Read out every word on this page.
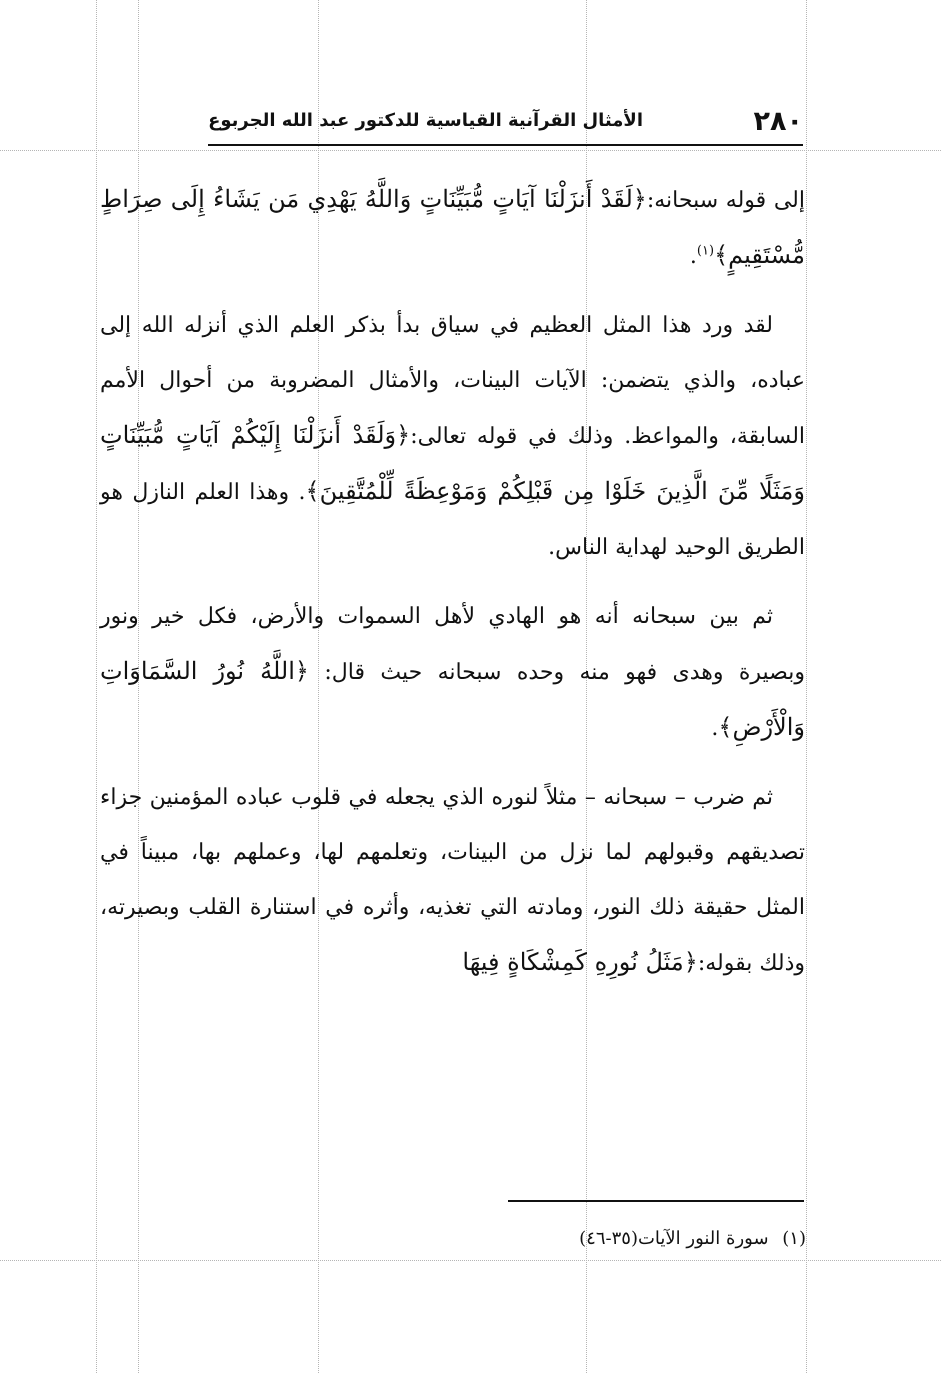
٢٨٠
الأمثال القرآنية القياسية للدكتور عبد الله الجربوع

إلى قوله سبحانه:﴿لَقَدْ أَنزَلْنَا آيَاتٍ مُّبَيِّنَاتٍ وَاللَّهُ يَهْدِي مَن يَشَاءُ إِلَى صِرَاطٍ مُّسْتَقِيمٍ﴾$^{(١)}$.

لقد ورد هذا المثل العظيم في سياق بدأ بذكر العلم الذي أنزله الله إلى عباده، والذي يتضمن: الآيات البينات، والأمثال المضروبة من أحوال الأمم السابقة، والمواعظ. وذلك في قوله تعالى:﴿وَلَقَدْ أَنزَلْنَا إِلَيْكُمْ آيَاتٍ مُّبَيِّنَاتٍ وَمَثَلًا مِّنَ الَّذِينَ خَلَوْا مِن قَبْلِكُمْ وَمَوْعِظَةً لِّلْمُتَّقِينَ﴾. وهذا العلم النازل هو الطريق الوحيد لهداية الناس.

ثم بين سبحانه أنه هو الهادي لأهل السموات والأرض، فكل خير ونور وبصيرة وهدى فهو منه وحده سبحانه حيث قال: ﴿اللَّهُ نُورُ السَّمَاوَاتِ وَالْأَرْضِ﴾.

ثم ضرب – سبحانه – مثلاً لنوره الذي يجعله في قلوب عباده المؤمنين جزاء تصديقهم وقبولهم لما نزل من البينات، وتعلمهم لها، وعملهم بها، مبيناً في المثل حقيقة ذلك النور، ومادته التي تغذيه، وأثره في استنارة القلب وبصيرته، وذلك بقوله:﴿مَثَلُ نُورِهِ كَمِشْكَاةٍ فِيهَا

(١) سورة النور الآيات(٣٥-٤٦)
